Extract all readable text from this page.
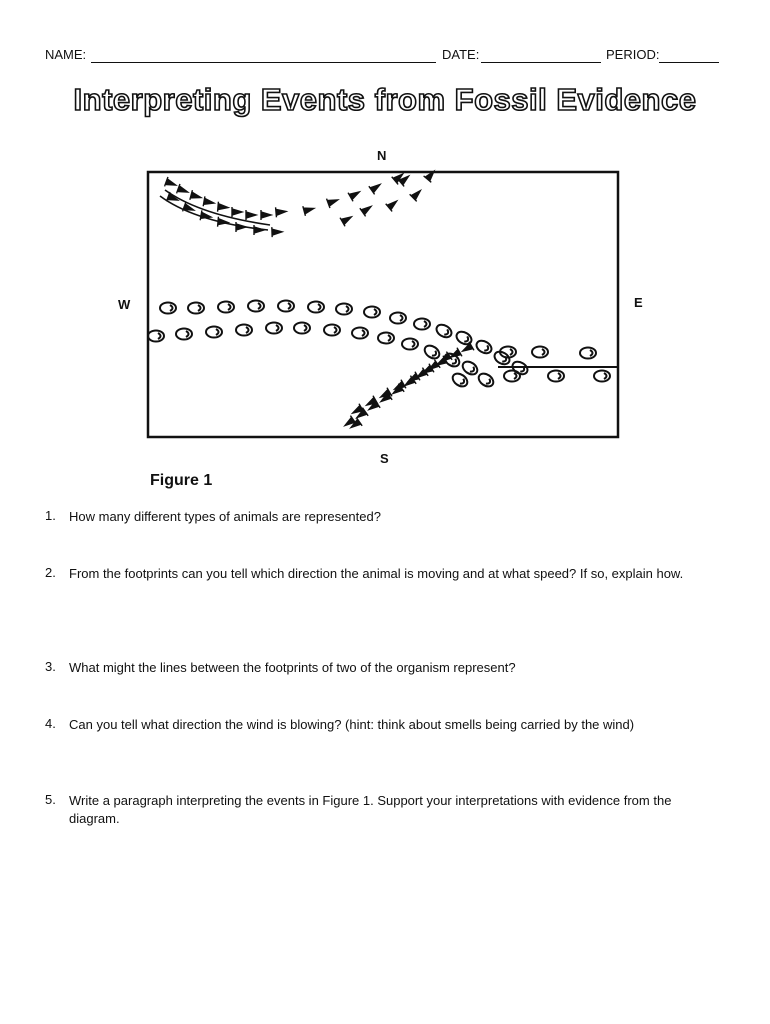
NAME:	DATE:	PERIOD:
Interpreting Events from Fossil Evidence
N
S
W	E
Figure 1
1. How many different types of animals are represented?
2. From the footprints can you tell which direction the animal is moving and at what speed? If so, explain how.
3. What might the lines between the footprints of two of the organism represent?
4. Can you tell what direction the wind is blowing? (hint: think about smells being carried by the wind)
5. Write a paragraph interpreting the events in Figure 1. Support your interpretations with evidence from the diagram.
